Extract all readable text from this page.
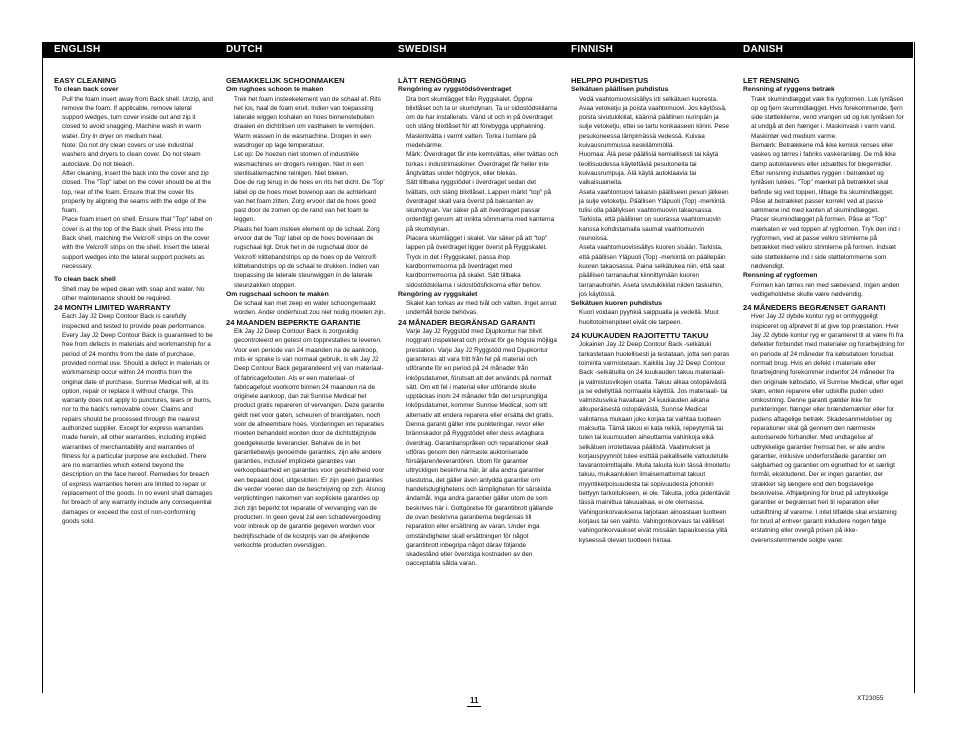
ENGLISH	DUTCH	SWEDISH	FINNISH	DANISH
EASY CLEANING
To clean back cover

Pull the foam insert away from Back shell. Unzip, and remove the foam. If applicable, remove lateral support wedges, turn cover inside out and zip it closed to avoid snagging. Machine wash in warm water. Dry in dryer on medium heat.

Note: Do not dry clean covers or use industrial washers and dryers to clean cover. Do not steam autoclave. Do not bleach.

After cleaning, insert the back into the cover and zip closed. The "Top" label on the cover should be at the top, rear of the foam. Ensure that the cover fits properly by aligning the seams with the edge of the foam.

Place foam insert on shell. Ensure that "Top" label on cover is at the top of the Back shell. Press into the Back shell, matching the Velcro® strips on the cover with the Velcro® strips on the shell. Insert the lateral support wedges into the lateral support pockets as necessary.

To clean back shell

Shell may be wiped clean with soap and water. No other maintenance should be required.

24 MONTH LIMITED WARRANTY

Each Jay J2 Deep Contour Back is carefully inspected and tested to provide peak performance. Every Jay J2 Deep Contour Back is guaranteed to be free from defects in materials and workmanship for a period of 24 months from the date of purchase, provided normal use. Should a defect in materials or workmanship occur within 24 months from the original date of purchase, Sunrise Medical will, at its option, repair or replace it without charge. This warranty does not apply to punctures, tears or burns, nor to the back's removable cover. Claims and repairs should be processed through the nearest authorized supplier. Except for express warranties made herein, all other warranties, including implied warranties of merchantability and warranties of fitness for a particular purpose are excluded. There are no warranties which extend beyond the description on the face hereof. Remedies for breach of express warranties herein are limited to repair or replacement of the goods. In no event shall damages for breach of any warranty include any consequential damages or exceed the cost of non-conforming goods sold.

GEMAKKELIJK SCHOONMAKEN
Om rughoes schoon te maken

Trek het foam insteekelement van de schaal af. Rits het los, haal de foam eruit. Indien van toepassing laterale wiggen loshalen en hoes binnenstebuiten draaien en dichtritsen om vasthaken te vermijden. Warm wassen in de wasmachine. Drogen in een wasdroger op lage temperatuur.

Let op: De hoezen niet stomen of industriële wasmachines en drogers reinigen. Niet in een sterilisatiemachine reinigen. Niet bleken.

Doe de rug terug in de hoes en rits het dicht. De 'Top' label op de hoes moet bovenop aan de achterkant van het foam zitten. Zorg ervoor dat de hoes goed past door de zomen op de rand van het foam te leggen.

Plaats het foam insteek element op de schaal. Zorg ervoor dat de 'Top' label op de hoes bovenaan de rugschaal ligt. Druk het in de rugschaal door de Velcro® klittebandstrips op de hoes op de Velcro® klittebandstrips op de schaal te drukken. Indien van toepassing de laterale steunwiggen in de laterale steunzakken stoppen.

Om rugschaal schoon te maken

De schaal kan met zeep en water schoongemaakt worden. Ander onderhoud zou niet nodig moeten zijn.

24 MAANDEN BEPERKTE GARANTIE

Elk Jay J2 Deep Contour Back is zorgvuldig gecontroleerd en getest om topprestaties te leveren. Voor een periode van 24 maanden na de aankoop, mits er sprake is van normaal gebruik, is elk Jay J2 Deep Contour Back gegarandeerd vrij van materiaal- of fabricagefouten. Als er een materiaal- of fabricagefout voorkomt binnen 24 maanden na de originele aankoop, dan zal Sunrise Medical het product gratis repareren of vervangen. Deze garantie geldt niet voor gaten, scheuren of brandgaten, noch voor de afneembare hoes. Vorderingen en reparaties moeten behandeld worden door de dichtstbijzijnde goedgekeurde leverancier. Behalve de in het garantiebewijs genoemde garanties, zijn alle andere garanties, inclusief impliciete garanties van verkoopbaarheid en garanties voor geschiktheid voor een bepaald doel, uitgesloten. Er zijn geen garanties die verder voeren dan de beschrijving op zich. Alsnog verplichtingen nakomen van expliciete garanties op zich zijn beperkt tot reparatie of vervanging van de producten. In geen geval zal een schadevergoeding voor inbreuk op de garantie gegeven worden voor bedrijfsschade of de kostprijs van de afwijkende verkochte producten overstijgen.

LÄTT RENGÖRING
Rengöring av ryggstödsöverdraget

Dra bort skumlägget från Ryggskalet. Öppna blixtlåset och ta ur skumdynan. Ta ur sidostödskilarna om de har installerats. Vänd ut och in på överdraget och stäng blixtlåset för att förebygga upphakning. Maskintvätta i varmt vatten. Torka i tumlare på medelvärme.

Märk: Överdraget får inte kemtvättas, eller tvättas och torkas i industrimaskiner. Överdraget får heller inte ångtvättas under högtryck, eller blekas.

Sätt tillbaka ryggstödet i överdraget sedan det tvättats, och stäng blixtlåset. Lappen märkt "top" på överdraget skall vara överst på baksanten av skumdynan. Var säker på att överdraget passar ordentligt genom att inrikta sömmarna med kanterna på skumdynan.

Placera skumlägget i skalet. Var säker på att "top" lappen på överdraget ligger överst på Ryggskalet. Tryck in det i Ryggskalet, passa ihop kardborrremsorna på överdraget med kardborrremsorna på skalet. Sätt tillbaka sidostödskilarna i sidostödsfickorna efter behov.

Rengöring av ryggskalet

Skalet kan torkas av med tvål och vatten. Inget annat underhåll borde behövas.

24 MÅNADER BEGRÄNSAD GARANTI

Varje Jay J2 Ryggstöd med Djupkontur har blivit noggrant inspekterat och prövat för ge högsta möjliga prestation. Varje Jay J2 Ryggstöd med Djupkontur garanteras att vara fritt från fel på material och utförande för en period på 24 månader från inköpsdatumet, förutsatt att det används på normalt sätt. Om ett fel i material eller utförande skulle upptäckas inom 24 månader från det ursprungliga inköpsdatumet, kommer Sunrise Medical, som sitt alternativ att endera reparera eller ersätta det gratis. Denna garanti gäller inte punkteringar, revor eller brännskador på Ryggstödet eller dess avtagbara överdrag. Garantianspråken och reparationer skall utföras genom den närmaste auktoriserade försäljaren/leverantören. Utom för garantier uttryckligen beskrivna här, är alla andra garantier utestutna, det gäller även antydda garantier om handelsduglighetens och lämpligheten för särskilda ändamål. Inga andra garantier gäller utom de som beskrives här i. Gottgörelse för garantibrott gällande de ovan beskrivna garantierna begränsas till reparation eller ersättning av varan. Under inga omständigheter skall ersättningen för något garantibrott inbegripa något därav följande skadestånd eller överstiga kostnaden av den oacceptabla sålda varan.

HELPPO PUHDISTUS
Selkätuen päällisen puhdistus

Vedä vaahtomuovisisällys irti selkätuen kuoresta. Avaa vetoketju ja poista vaahtomuovi. Jos käytössä, poista sivutukikiilat, käännä päällinen nurinpäin ja sulje vetoketju, ettei se tartu konkaaseen kiinni. Pese pesukoneessa lämpimässä vedessä. Kuivaa kuivausrummussa keskilämmöllä.

Huomaa: Älä pese päällisiä kemiallisesti tai käytä teollisuudessa käytettäviä pesukoneita tai kuivausrumpuja. Älä käytä autoklaavia tai valkaisuaineita.

Aseta vaahtomuovi takaisin päälliseen pesun jälkeen ja sulje vetoketju. Päällisen Yläpuoli (Top) -merkintä tulisi olla päällyksen vaahtomuovin takaosassa. Tarkista, että päällinen on suorassa vaahtomuovin kanssa kohdistamalla saumat vaahtomuovin reunoissa.

Aseta vaahtomuovisisällys kuoren sisään. Tarkista, että päällisen Yläpuoli (Top) -merkintä on päällepäin kuoren takaosassa. Paina selkätukea niin, että saat päällisen tarranauhat kiinnittymään kuoren tarranauhoihin. Aseta sivutukikiilat niiden taskuihin, jos käytössä.

Selkätuen kuoren puhdistus

Kuori voidaan pyyhkiä saippualla ja vedellä. Muut huoltotoimenpiteet eivät ole tarpeen.

24 KUUKAUDEN RAJOITETTU TAKUU

Jokainen Jay J2 Deep Contour Back -selkätuki tarkastetaan huolellisesti ja testataan, jotta sen paras toiminta varmistetaan. Kaikilla Jay J2 Deep Contour Back -selkätuilla on 24 kuukauden takuu materiaali- ja valmistusvikojen osalta. Takuu alkaa ostopäivästä ja se edellyttää normaalia käyttöä. Jos materiaali- tai valmistusvika havaitaan 24 kuukauden aikana alkuperäisestä ostopäivästä, Sunrise Medical valintansa mukaan joko korjaa tai vaihtaa tuotteen maksutta. Tämä takuu ei kata reikiä, repeytymiä tai tulen tai kuumuuden aiheuttamia vahinkoja eikä selkätuen irrotettavaa päällistä. Vaatimukset ja korjauspyynnöt tulee esittää paikalliselle valtuutetulle tavarantoimittajalle. Muita takuita kuin tässä ilmoitettu takuu, mukaanlukien ilmaisemattomat takuut myyntikelpoisuudesta tai sopivuudesta johonkin tiettyyn tarkoitukseen, ei ole. Takuita, jotka pidentävät tässä mainittua takuuaikaa, ei ole olemassa. Vahingonkorvauksena tarjotaan ainoastaan tuotteen korjaus tai sen vaihto. Vahingonkorvaus tai välilliset vahingonkorvaukset eivät missään tapauksessa ylitä kyseessä olevan tuotteen hintaa.

LET RENSNING
Rensning af ryggens betræk

Træk skumindlægget væk fra rygformen. Luk lynlåsen op og fjern skumindlægget. Hvis forekommende, fjern side støttekilerne, vend vrangen ud og luk lynlåsen for at undgå at den hænger i. Maskinvask i varm vand. Maskintør ved medium varme.

Bemærk: Betrækkene må ikke kemisk renses eller vaskes og tørres i fabriks vaskeranlæg. De må ikke damp autoklaveres eller udsættes for blegemidler.

Efter rensning indsættes ryggen i betrækket og lynlåsen lukkes. "Top" mærket på betrækket skal befinde sig ved toppen, tilbage fra skumindlægget. Påse at betrækket passer korrekt ved at passe sømmene ind med kanten af skumindlægget.

Placer skumindlægget på formen. Påse at "Top" mærkaten er ved toppen af rygformen. Tryk den ind i rygformen, ved at passe velkro strimlerne på betrækket med velkro strimlerne på formen. Indsæt side støttekilerne ind i side støttelommerne som nødvendigt.

Rensning af rygformen

Formen kan tørres ren med sæbevand. Ingen anden vedligeholdelse skulle være nødvendig.

24 MÅNEDERS BEGRÆNSET GARANTI

Hver Jay J2 dybde kontur ryg er omhyggeligt inspiceret og afprøvet til at give top præstation. Hver Jay J2 dybde kontur ryg er garanteret til at være fri fra defekter forbundet med materialer og forarbejdning for en periode af 24 måneder fra købsdatoen forudsat normalt brug. Hvis en defekt i materiale eller forarbejdning forekommer indenfor 24 måneder fra den originale købsdato, vil Sunrise Medical, efter eget skøn, enten reparere eller udskifte puden uden omkostning. Denne garanti gælder ikke for punkteringer, flænger eller brændemærker eller for pudens aftagelige betræk. Skadesanmeldelser og reparationer skal gå gennem den nærmeste autoriserede forhandler. Med undtagelse af udtrykkelige garantier fremsat her, er alle andre garantier, inklusive underforståede garantier om salgbarhed og garantier om egnethed for et særligt formål, ekskluderet. Der er ingen garantier, der strækker sig længere end den bogstavelige beskrivelse. Afhjælpning for brud på udtrykkelige garantier er begrænset heri til reparation eller udskiftning af varerne. I intet tilfælde skal erstatning for brud af enhver garanti inkludere nogen følge erstatning eller overgå prisen på ikke-overensstemmende solgte varer.

11	XT23055
